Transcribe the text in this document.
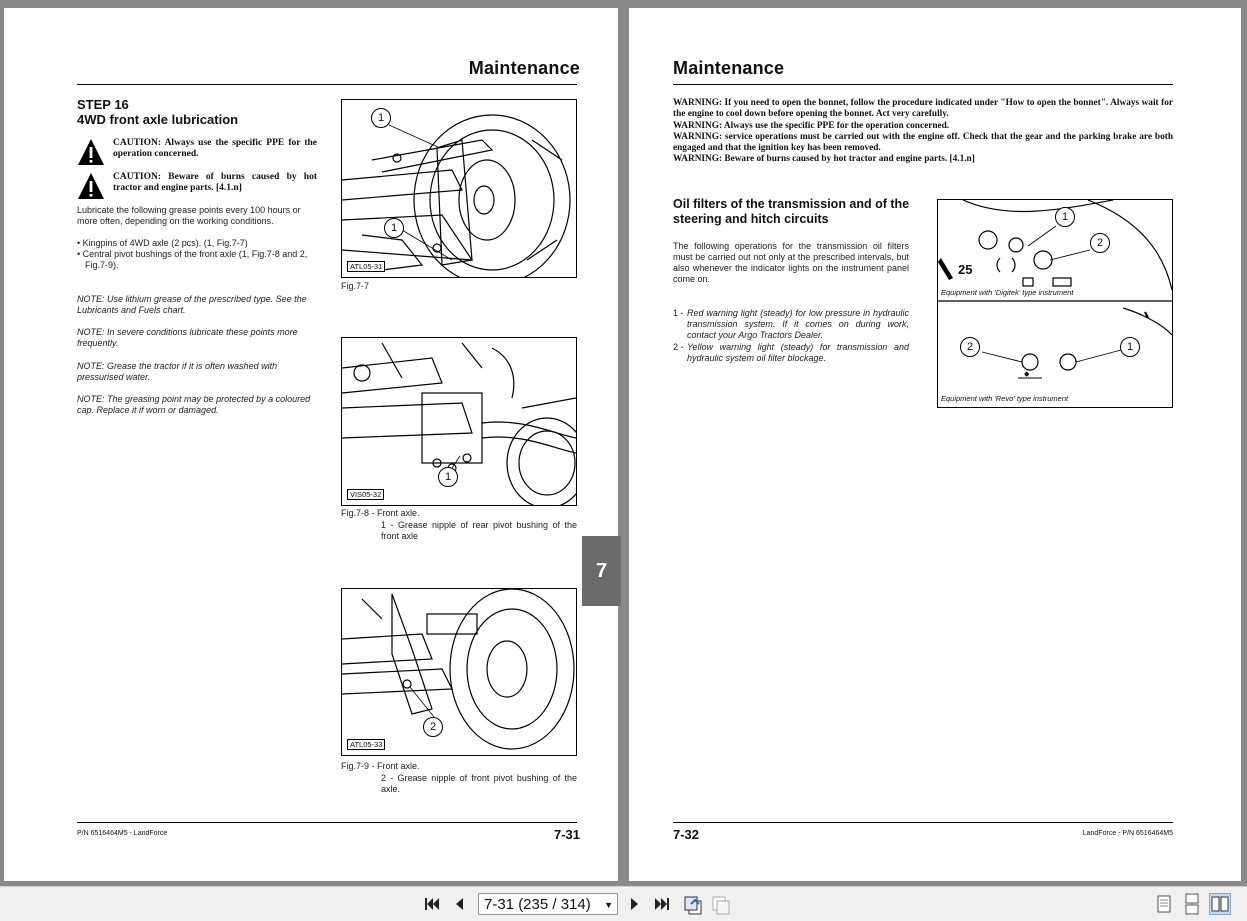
Maintenance
STEP 16
4WD front axle lubrication
CAUTION: Always use the specific PPE for the operation concerned.
CAUTION: Beware of burns caused by hot tractor and engine parts. [4.1.n]
Lubricate the following grease points every 100 hours or more often, depending on the working conditions.
• Kingpins of 4WD axle (2 pcs). (1, Fig.7-7)
• Central pivot bushings of the front axle (1, Fig.7-8 and 2, Fig.7-9).
NOTE: Use lithium grease of the prescribed type. See the Lubricants and Fuels chart.
NOTE: In severe conditions lubricate these points more frequently.
NOTE: Grease the tractor if it is often washed with pressurised water.
NOTE: The greasing point may be protected by a coloured cap. Replace it if worn or damaged.
1
1
ATL05-31
Fig.7-7
1
VIS05-32
Fig.7-8 - Front axle.
1 - Grease nipple of rear pivot bushing of the front axle
2
ATL05-33
Fig.7-9 - Front axle.
2 - Grease nipple of front pivot bushing of the axle.
P/N 6516464M5 - LandForce	7-31
7
Maintenance
WARNING: If you need to open the bonnet, follow the procedure indicated under "How to open the bonnet". Always wait for the engine to cool down before opening the bonnet. Act very carefully.
WARNING: Always use the specific PPE for the operation concerned.
WARNING: service operations must be carried out with the engine off. Check that the gear and the parking brake are both engaged and that the ignition key has been removed.
WARNING: Beware of burns caused by hot tractor and engine parts. [4.1.n]
Oil filters of the transmission and of the steering and hitch circuits
The following operations for the transmission oil filters must be carried out not only at the prescribed intervals, but also whenever the indicator lights on the instrument panel come on.
1 - Red warning light (steady) for low pressure in hydraulic transmission system. If it comes on during work, contact your Argo Tractors Dealer.
2 - Yellow warning light (steady) for transmission and hydraulic system oil filter blockage.
◆
1
2
25
Equipment with 'Digitek' type instrument
2	1
Equipment with 'Revo' type instrument
7-32	LandForce - P/N 6516464M5
7-31 (235 / 314) ▼
